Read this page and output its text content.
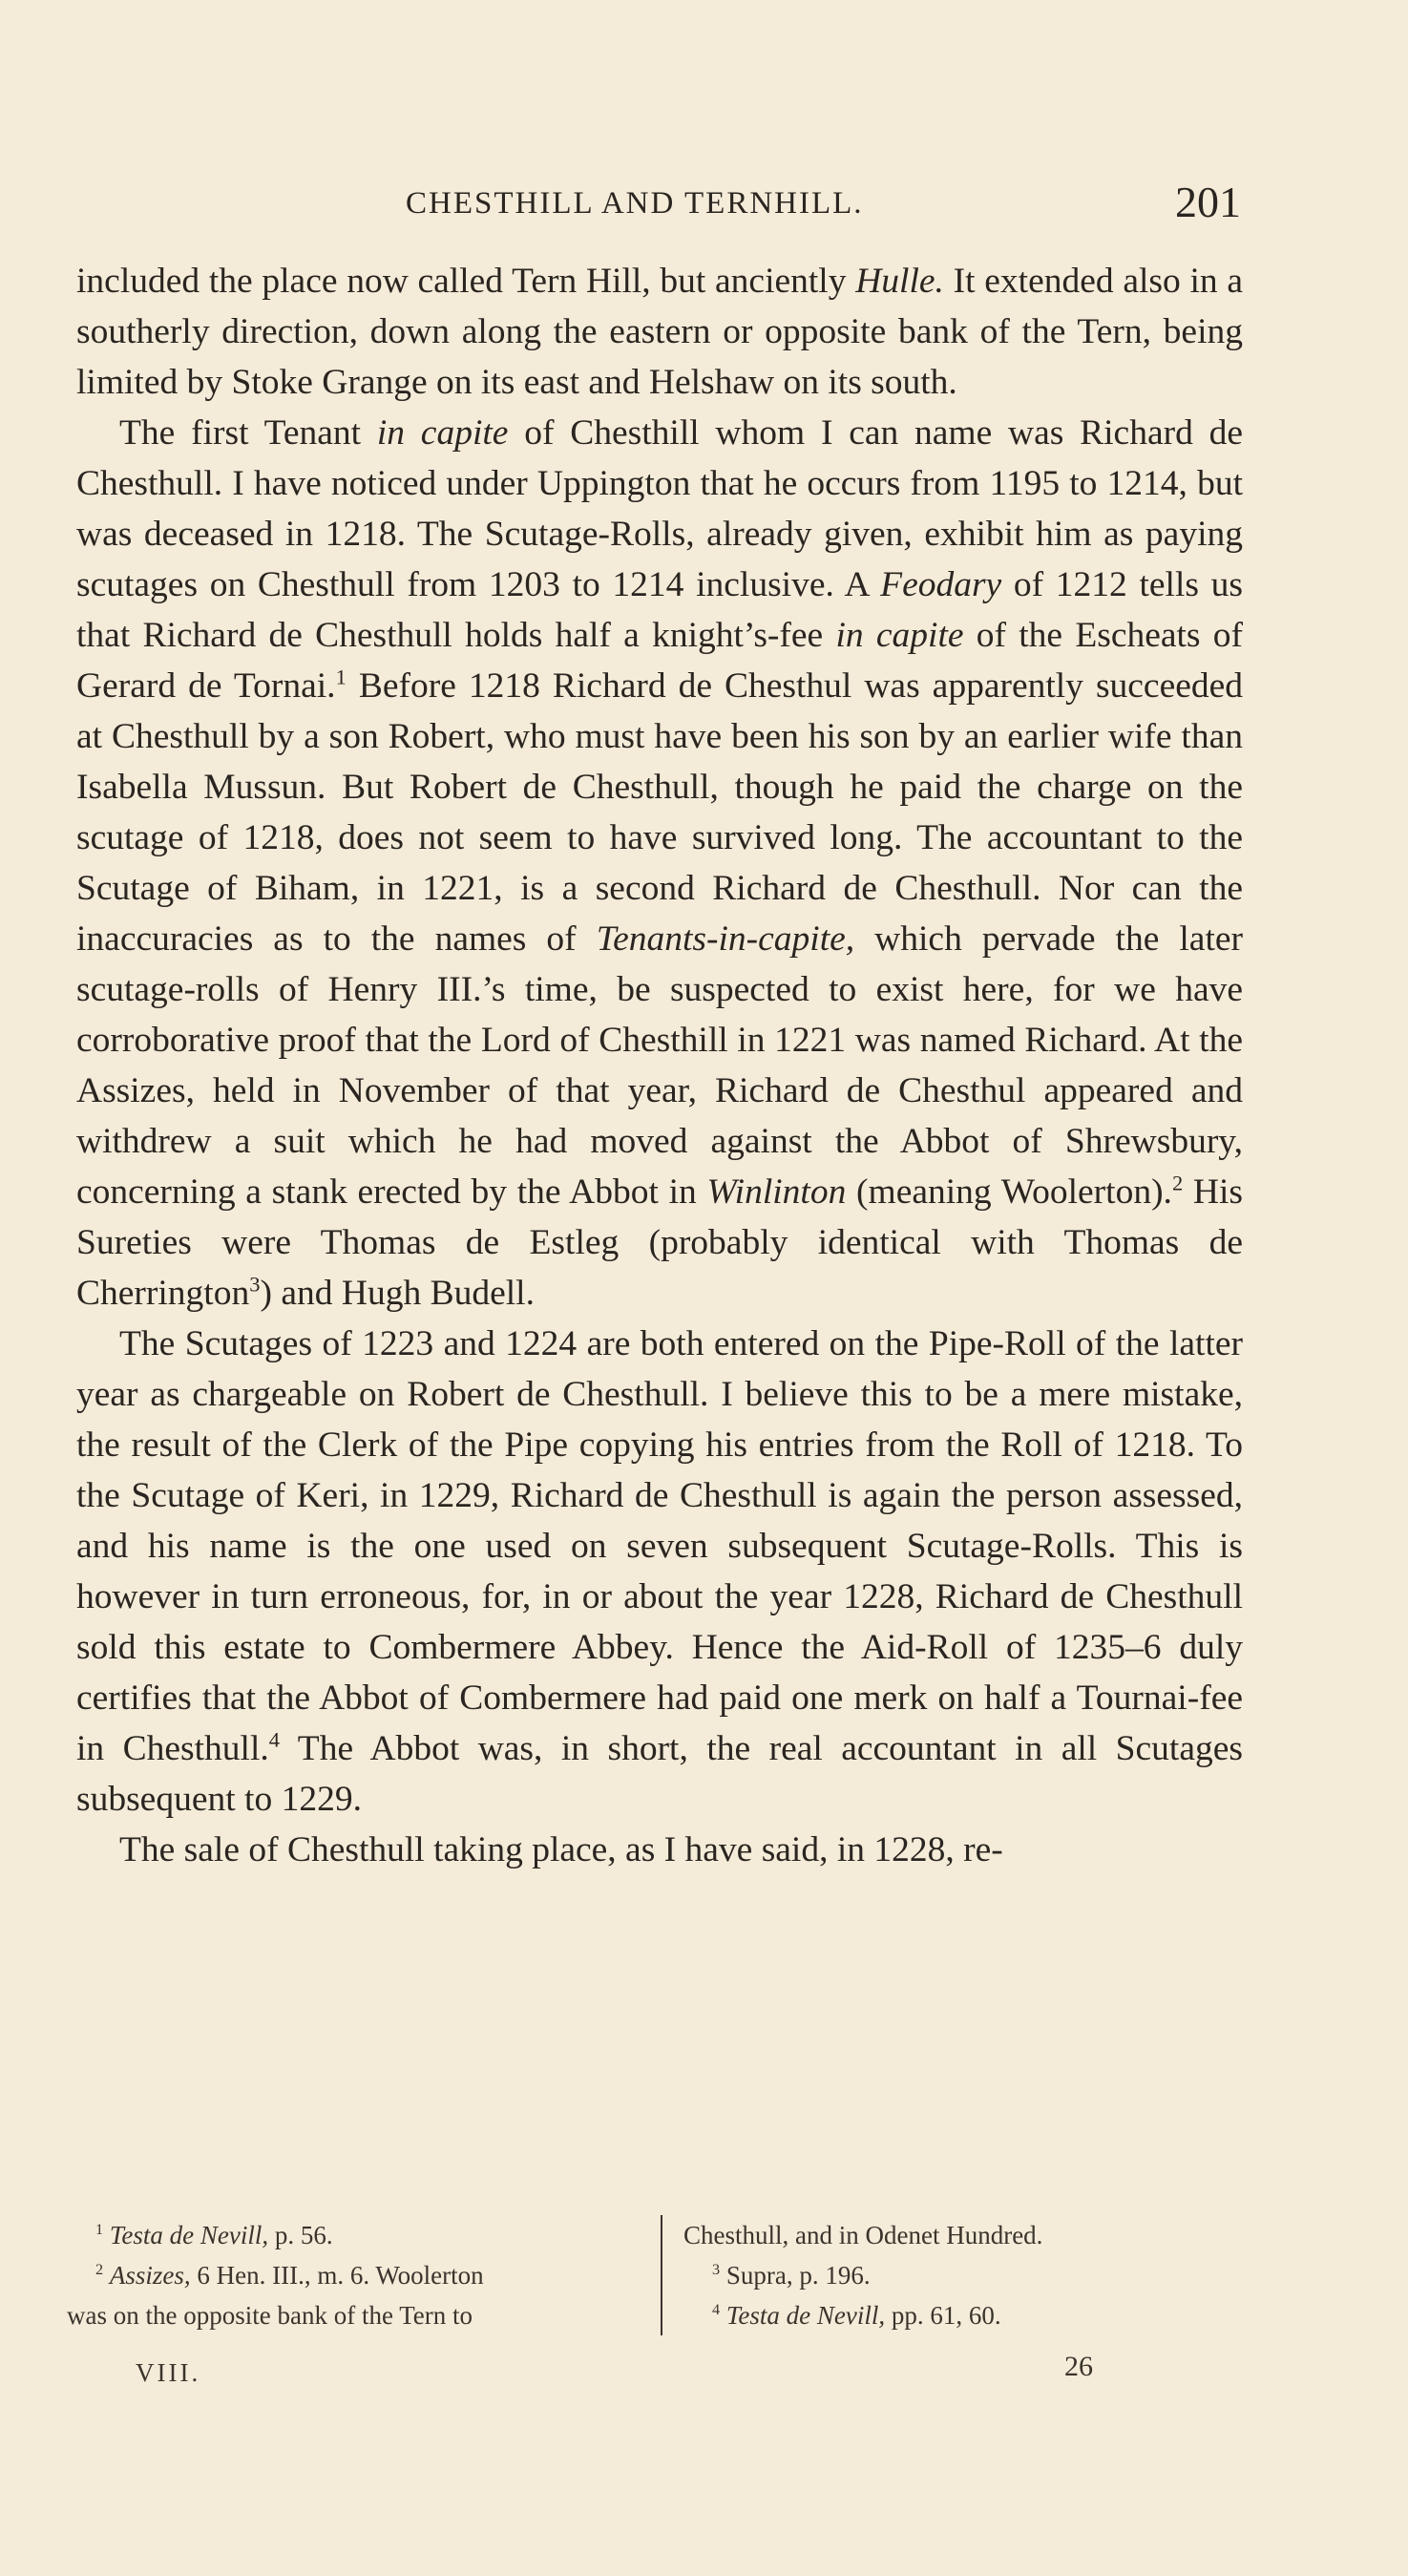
CHESTHILL AND TERNHILL.	201

included the place now called Tern Hill, but anciently Hulle. It extended also in a southerly direction, down along the eastern or opposite bank of the Tern, being limited by Stoke Grange on its east and Helshaw on its south.

The first Tenant in capite of Chesthill whom I can name was Richard de Chesthull. I have noticed under Uppington that he occurs from 1195 to 1214, but was deceased in 1218. The Scutage-Rolls, already given, exhibit him as paying scutages on Chesthull from 1203 to 1214 inclusive. A Feodary of 1212 tells us that Richard de Chesthull holds half a knight’s-fee in capite of the Escheats of Gerard de Tornai.$^1$ Before 1218 Richard de Chesthul was apparently succeeded at Chesthull by a son Robert, who must have been his son by an earlier wife than Isabella Mussun. But Robert de Chesthull, though he paid the charge on the scutage of 1218, does not seem to have survived long. The accountant to the Scutage of Biham, in 1221, is a second Richard de Chesthull. Nor can the inaccuracies as to the names of Tenants-in-capite, which pervade the later scutage-rolls of Henry III.’s time, be suspected to exist here, for we have corroborative proof that the Lord of Chesthill in 1221 was named Richard. At the Assizes, held in November of that year, Richard de Chesthul appeared and withdrew a suit which he had moved against the Abbot of Shrewsbury, concerning a stank erected by the Abbot in Winlinton (meaning Woolerton).$^2$ His Sureties were Thomas de Estleg (probably identical with Thomas de Cherrington$^3$) and Hugh Budell.

The Scutages of 1223 and 1224 are both entered on the Pipe-Roll of the latter year as chargeable on Robert de Chesthull. I believe this to be a mere mistake, the result of the Clerk of the Pipe copying his entries from the Roll of 1218. To the Scutage of Keri, in 1229, Richard de Chesthull is again the person assessed, and his name is the one used on seven subsequent Scutage-Rolls. This is however in turn erroneous, for, in or about the year 1228, Richard de Chesthull sold this estate to Combermere Abbey. Hence the Aid-Roll of 1235–6 duly certifies that the Abbot of Combermere had paid one merk on half a Tournai-fee in Chesthull.$^4$ The Abbot was, in short, the real accountant in all Scutages subsequent to 1229.

The sale of Chesthull taking place, as I have said, in 1228, re-

$^1$ Testa de Nevill, p. 56.
$^2$ Assizes, 6 Hen. III., m. 6. Woolerton
was on the opposite bank of the Tern to
Chesthull, and in Odenet Hundred.
$^3$ Supra, p. 196.
$^4$ Testa de Nevill, pp. 61, 60.
VIII.	26
